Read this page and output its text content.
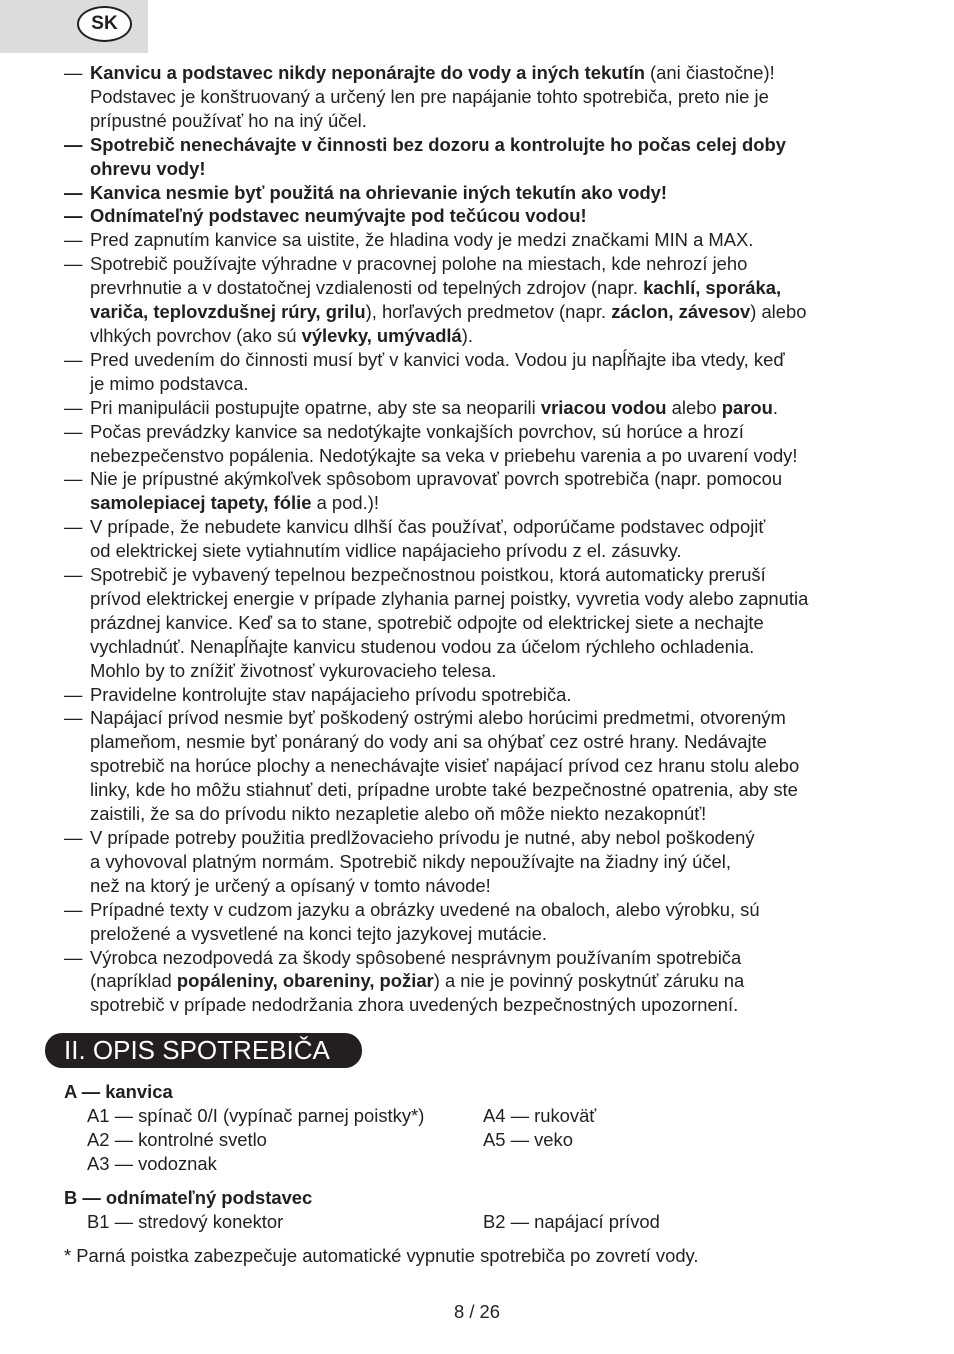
SK
— Kanvicu a podstavec nikdy neponárajte do vody a iných tekutín (ani čiastočne)!
Podstavec je konštruovaný a určený len pre napájanie tohto spotrebiča, preto nie je
prípustné používať ho na iný účel.
— Spotrebič nenechávajte v činnosti bez dozoru a kontrolujte ho počas celej doby
ohrevu vody!
— Kanvica nesmie byť použitá na ohrievanie iných tekutín ako vody!
— Odnímateľný podstavec neumývajte pod tečúcou vodou!
— Pred zapnutím kanvice sa uistite, že hladina vody je medzi značkami MIN a MAX.
— Spotrebič používajte výhradne v pracovnej polohe na miestach, kde nehrozí jeho
prevrhnutie a v dostatočnej vzdialenosti od tepelných zdrojov (napr. kachlí, sporáka,
variča, teplovzdušnej rúry, grilu), horľavých predmetov (napr. záclon, závesov) alebo
vlhkých povrchov (ako sú výlevky, umývadlá).
— Pred uvedením do činnosti musí byť v kanvici voda. Vodou ju napĺňajte iba vtedy, keď
je mimo podstavca.
— Pri manipulácii postupujte opatrne, aby ste sa neoparili vriacou vodou alebo parou.
— Počas prevádzky kanvice sa nedotýkajte vonkajších povrchov, sú horúce a hrozí
nebezpečenstvo popálenia. Nedotýkajte sa veka v priebehu varenia a po uvarení vody!
— Nie je prípustné akýmkoľvek spôsobom upravovať povrch spotrebiča (napr. pomocou
samolepiacej tapety, fólie a pod.)!
— V prípade, že nebudete kanvicu dlhší čas používať, odporúčame podstavec odpojiť
od elektrickej siete vytiahnutím vidlice napájacieho prívodu z el. zásuvky.
— Spotrebič je vybavený tepelnou bezpečnostnou poistkou, ktorá automaticky preruší
prívod elektrickej energie v prípade zlyhania parnej poistky, vyvretia vody alebo zapnutia
prázdnej kanvice. Keď sa to stane, spotrebič odpojte od elektrickej siete a nechajte
vychladnúť. Nenapĺňajte kanvicu studenou vodou za účelom rýchleho ochladenia.
Mohlo by to znížiť životnosť vykurovacieho telesa.
— Pravidelne kontrolujte stav napájacieho prívodu spotrebiča.
— Napájací prívod nesmie byť poškodený ostrými alebo horúcimi predmetmi, otvoreným
plameňom, nesmie byť ponáraný do vody ani sa ohýbať cez ostré hrany. Nedávajte
spotrebič na horúce plochy a nenechávajte visieť napájací prívod cez hranu stolu alebo
linky, kde ho môžu stiahnuť deti, prípadne urobte také bezpečnostné opatrenia, aby ste
zaistili, že sa do prívodu nikto nezapletie alebo oň môže niekto nezakopnúť!
— V prípade potreby použitia predlžovacieho prívodu je nutné, aby nebol poškodený
a vyhovoval platným normám. Spotrebič nikdy nepoužívajte na žiadny iný účel,
než na ktorý je určený a opísaný v tomto návode!
— Prípadné texty v cudzom jazyku a obrázky uvedené na obaloch, alebo výrobku, sú
preložené a vysvetlené na konci tejto jazykovej mutácie.
— Výrobca nezodpovedá za škody spôsobené nesprávnym používaním spotrebiča
(napríklad popáleniny, obareniny, požiar) a nie je povinný poskytnúť záruku na
spotrebič v prípade nedodržania zhora uvedených bezpečnostných upozornení.
II. OPIS SPOTREBIČA
A — kanvica
A1 — spínač 0/I (vypínač parnej poistky*)
A2 — kontrolné svetlo
A3 — vodoznak
A4 — rukoväť
A5 — veko
B — odnímateľný podstavec
B1 — stredový konektor	B2 — napájací prívod
* Parná poistka zabezpečuje automatické vypnutie spotrebiča po zovretí vody.
8 / 26
